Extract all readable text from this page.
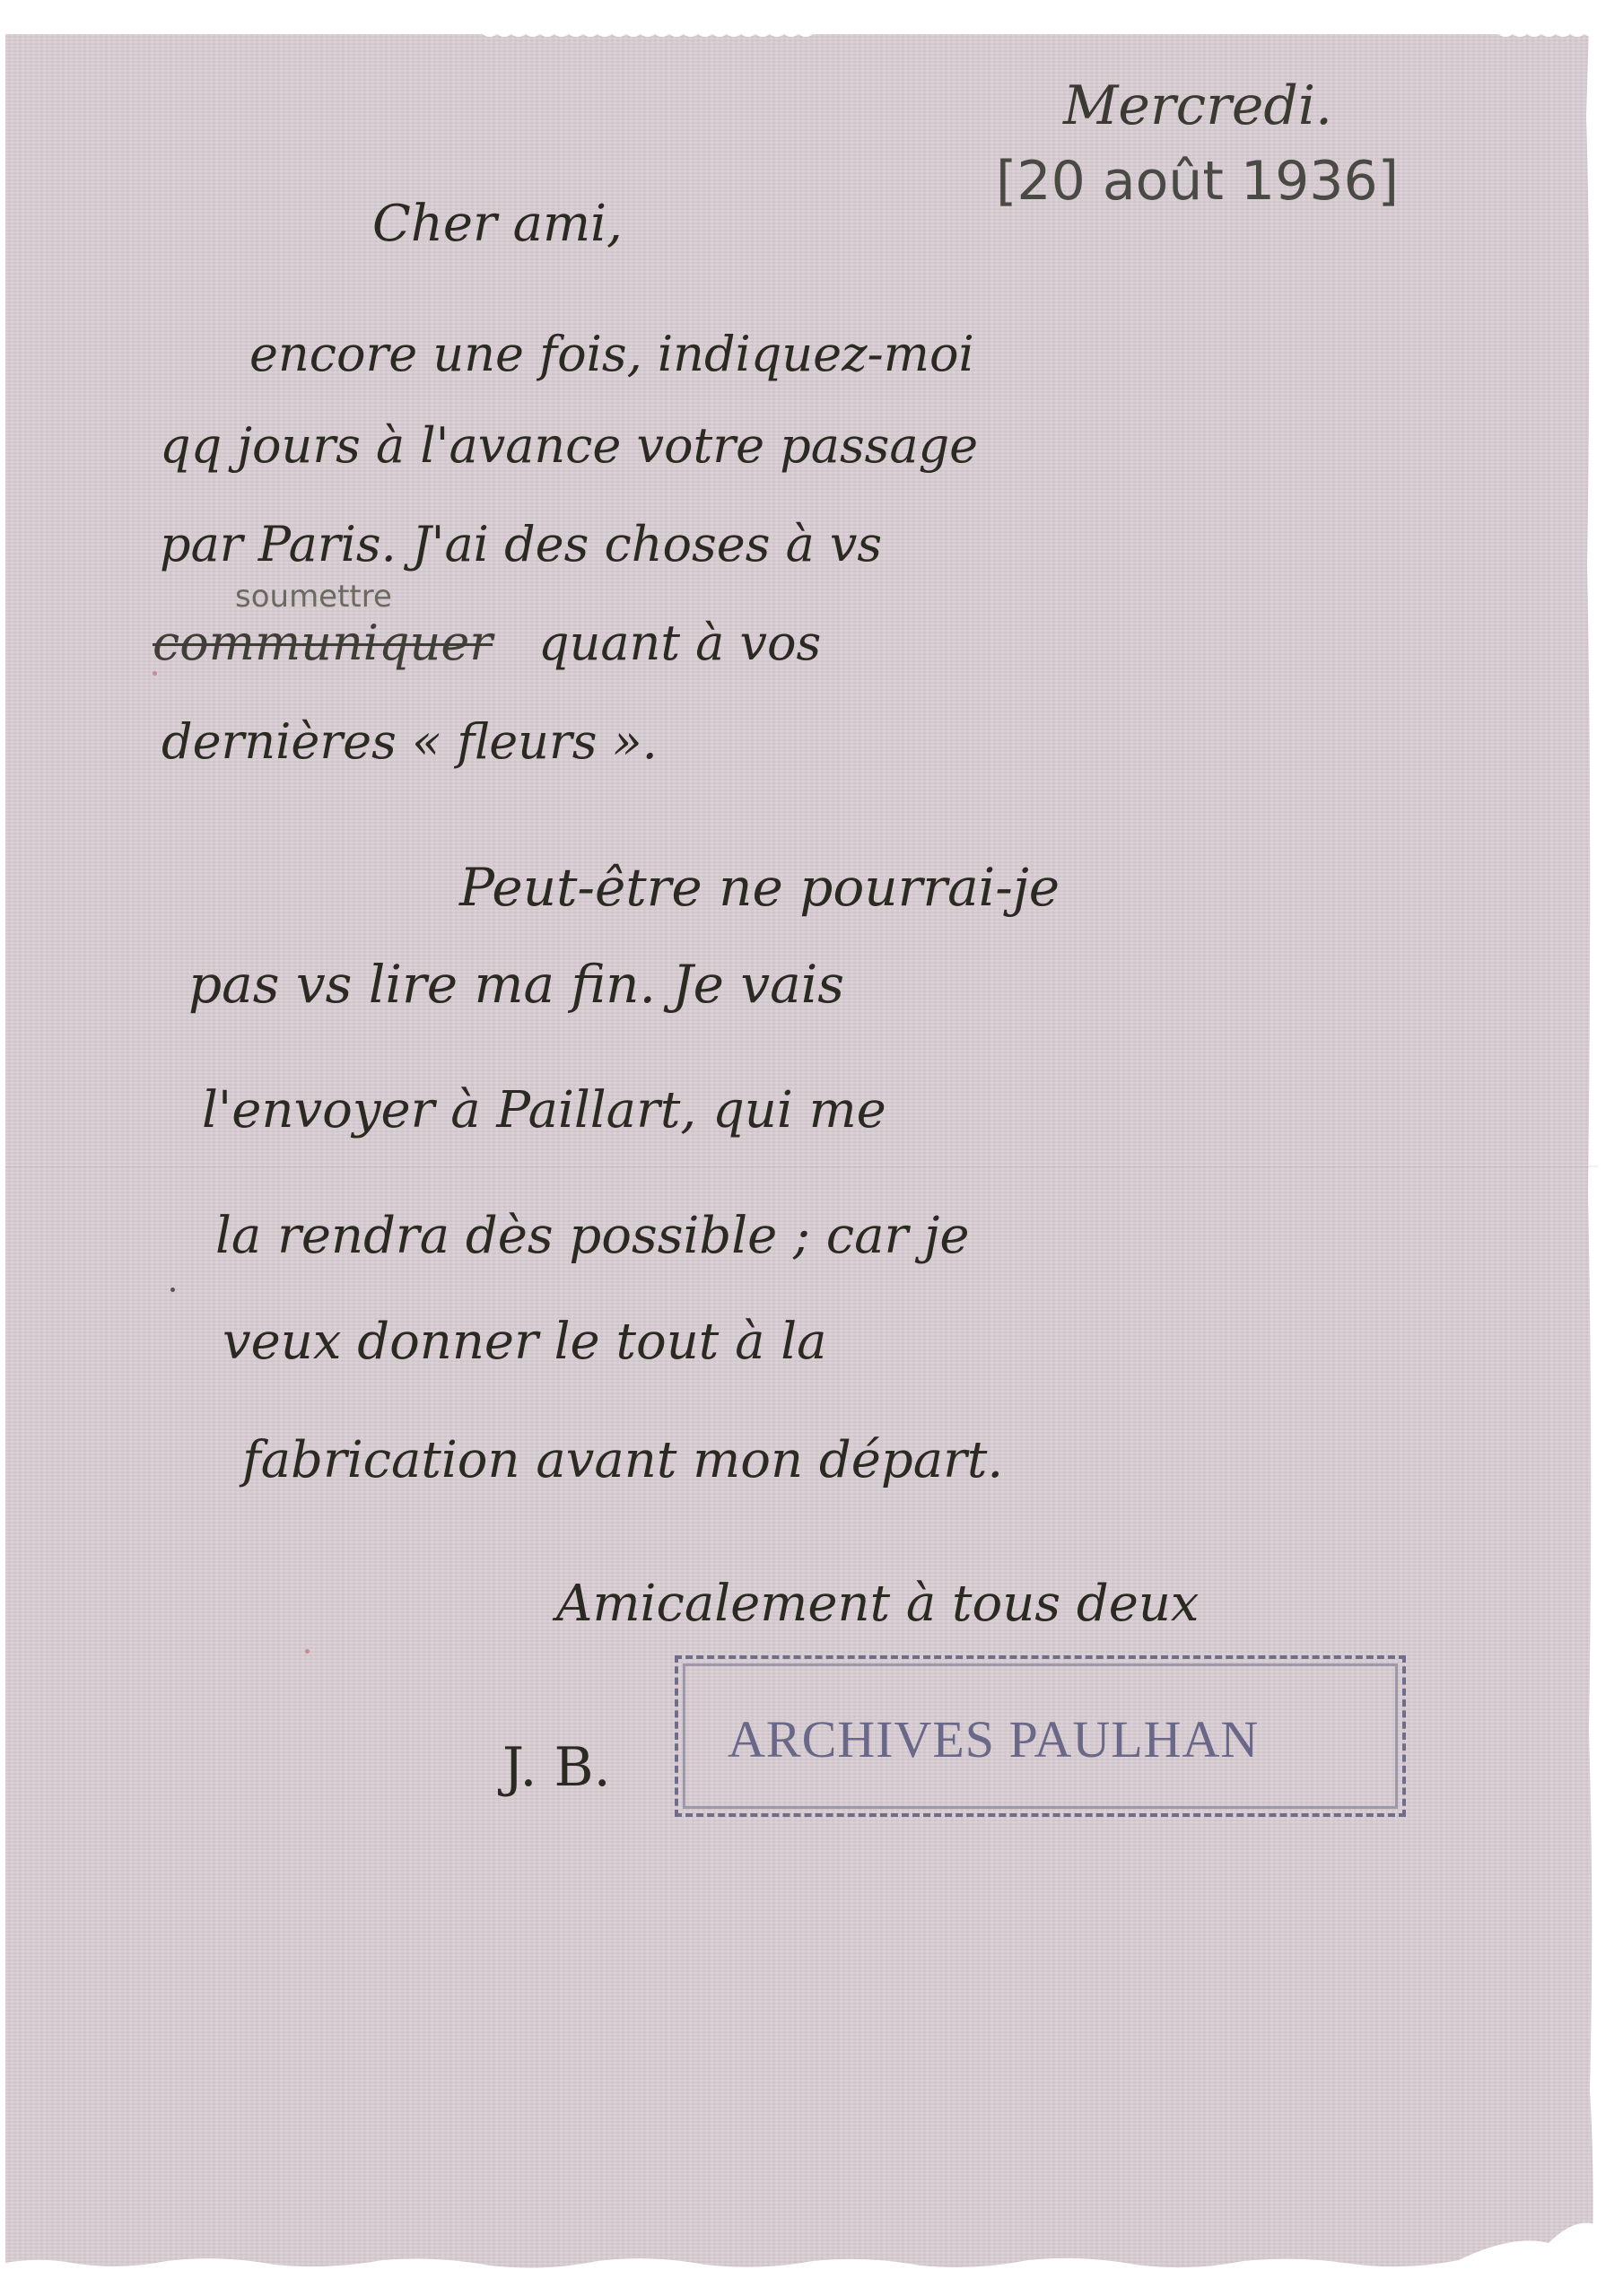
Mercredi.
[20 août 1936]
Cher ami,
encore une fois, indiquez-moi
qq jours à l'avance votre passage
par Paris. J'ai des choses à vs
soumettre
communiquer quant à vos
dernières « fleurs ».
Peut-être ne pourrai-je
pas vs lire ma fin. Je vais
l'envoyer à Paillart, qui me
la rendra dès possible ; car je
veux donner le tout à la
fabrication avant mon départ.
Amicalement à tous deux
J. B. ARCHIVES PAULHAN
